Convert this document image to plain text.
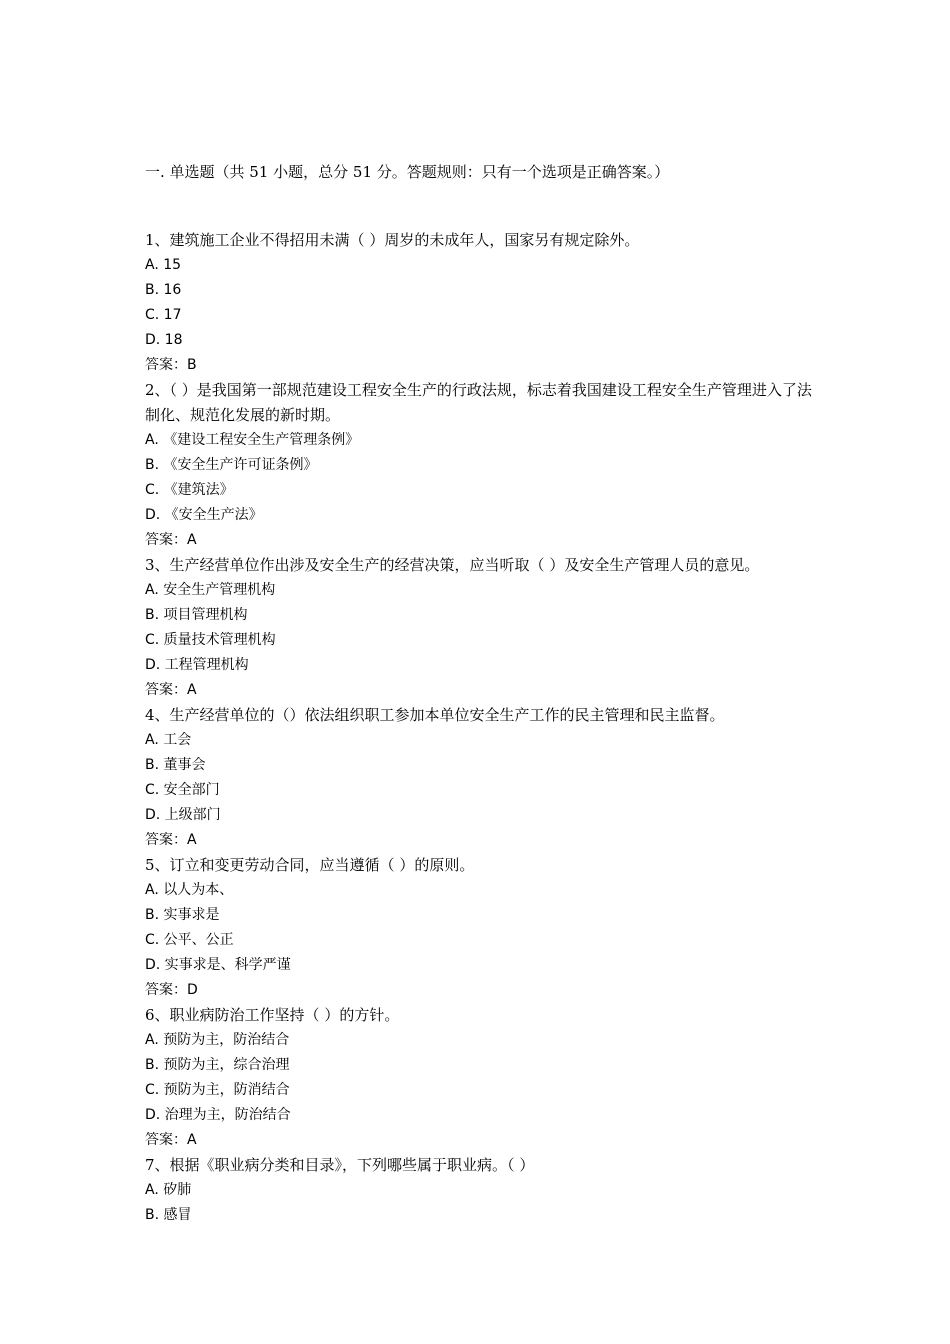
一. 单选题（共 51 小题，总分 51 分。答题规则：只有一个选项是正确答案。）
1、建筑施工企业不得招用未满（ ）周岁的未成年人，国家另有规定除外。
A. 15
B. 16
C. 17
D. 18
答案：B
2、（ ）是我国第一部规范建设工程安全生产的行政法规，标志着我国建设工程安全生产管理进入了法制化、规范化发展的新时期。
A. 《建设工程安全生产管理条例》
B. 《安全生产许可证条例》
C. 《建筑法》
D. 《安全生产法》
答案：A
3、生产经营单位作出涉及安全生产的经营决策，应当听取（ ）及安全生产管理人员的意见。
A. 安全生产管理机构
B. 项目管理机构
C. 质量技术管理机构
D. 工程管理机构
答案：A
4、生产经营单位的（）依法组织职工参加本单位安全生产工作的民主管理和民主监督。
A. 工会
B. 董事会
C. 安全部门
D. 上级部门
答案：A
5、订立和变更劳动合同，应当遵循（ ）的原则。
A. 以人为本、
B. 实事求是
C. 公平、公正
D. 实事求是、科学严谨
答案：D
6、职业病防治工作坚持（ ）的方针。
A. 预防为主，防治结合
B. 预防为主，综合治理
C. 预防为主，防消结合
D. 治理为主，防治结合
答案：A
7、根据《职业病分类和目录》，下列哪些属于职业病。（ ）
A. 矽肺
B. 感冒
